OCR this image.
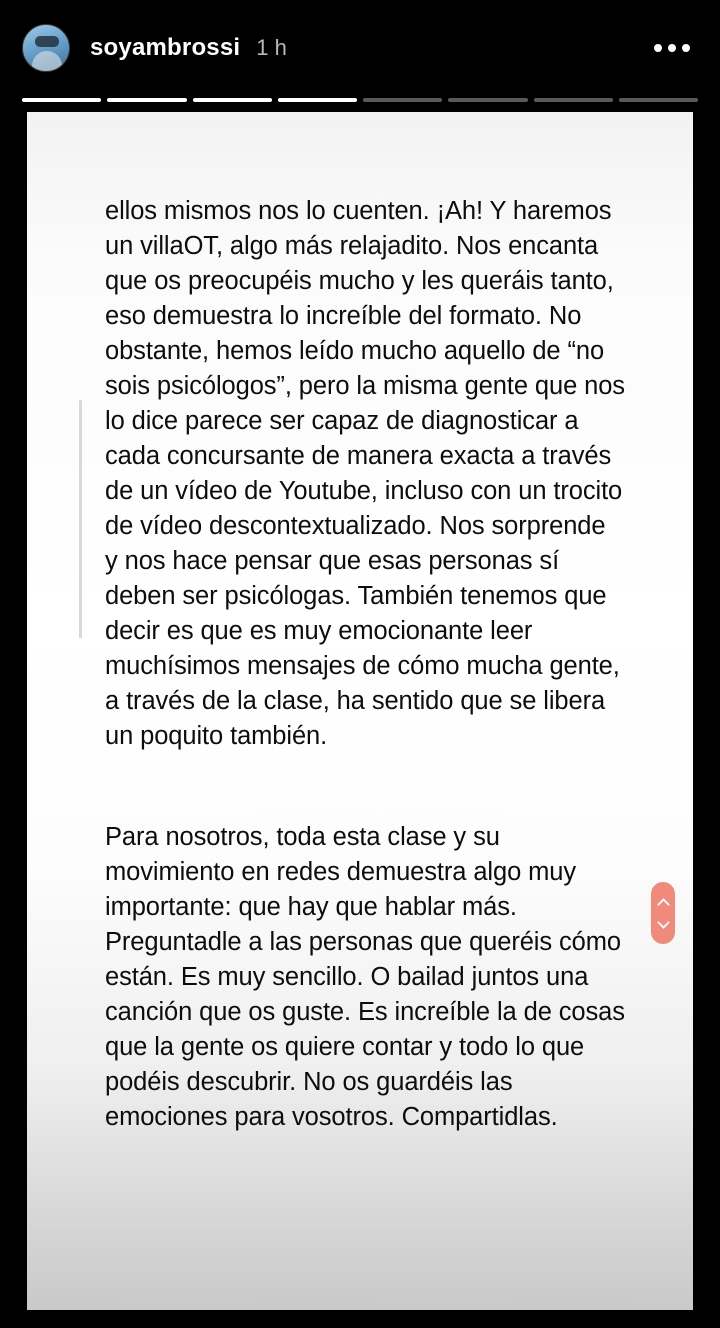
soyambrossi 1 h

ellos mismos nos lo cuenten. ¡Ah! Y haremos un villaOT, algo más relajadito. Nos encanta que os preocupéis mucho y les queráis tanto, eso demuestra lo increíble del formato. No obstante, hemos leído mucho aquello de “no sois psicólogos”, pero la misma gente que nos lo dice parece ser capaz de diagnosticar a cada concursante de manera exacta a través de un vídeo de Youtube, incluso con un trocito de vídeo descontextualizado. Nos sorprende y nos hace pensar que esas personas sí deben ser psicólogas. También tenemos que decir es que es muy emocionante leer muchísimos mensajes de cómo mucha gente, a través de la clase, ha sentido que se libera un poquito también.

Para nosotros, toda esta clase y su movimiento en redes demuestra algo muy importante: que hay que hablar más. Preguntadle a las personas que queréis cómo están. Es muy sencillo. O bailad juntos una canción que os guste. Es increíble la de cosas que la gente os quiere contar y todo lo que podéis descubrir. No os guardéis las emociones para vosotros. Compartidlas.
